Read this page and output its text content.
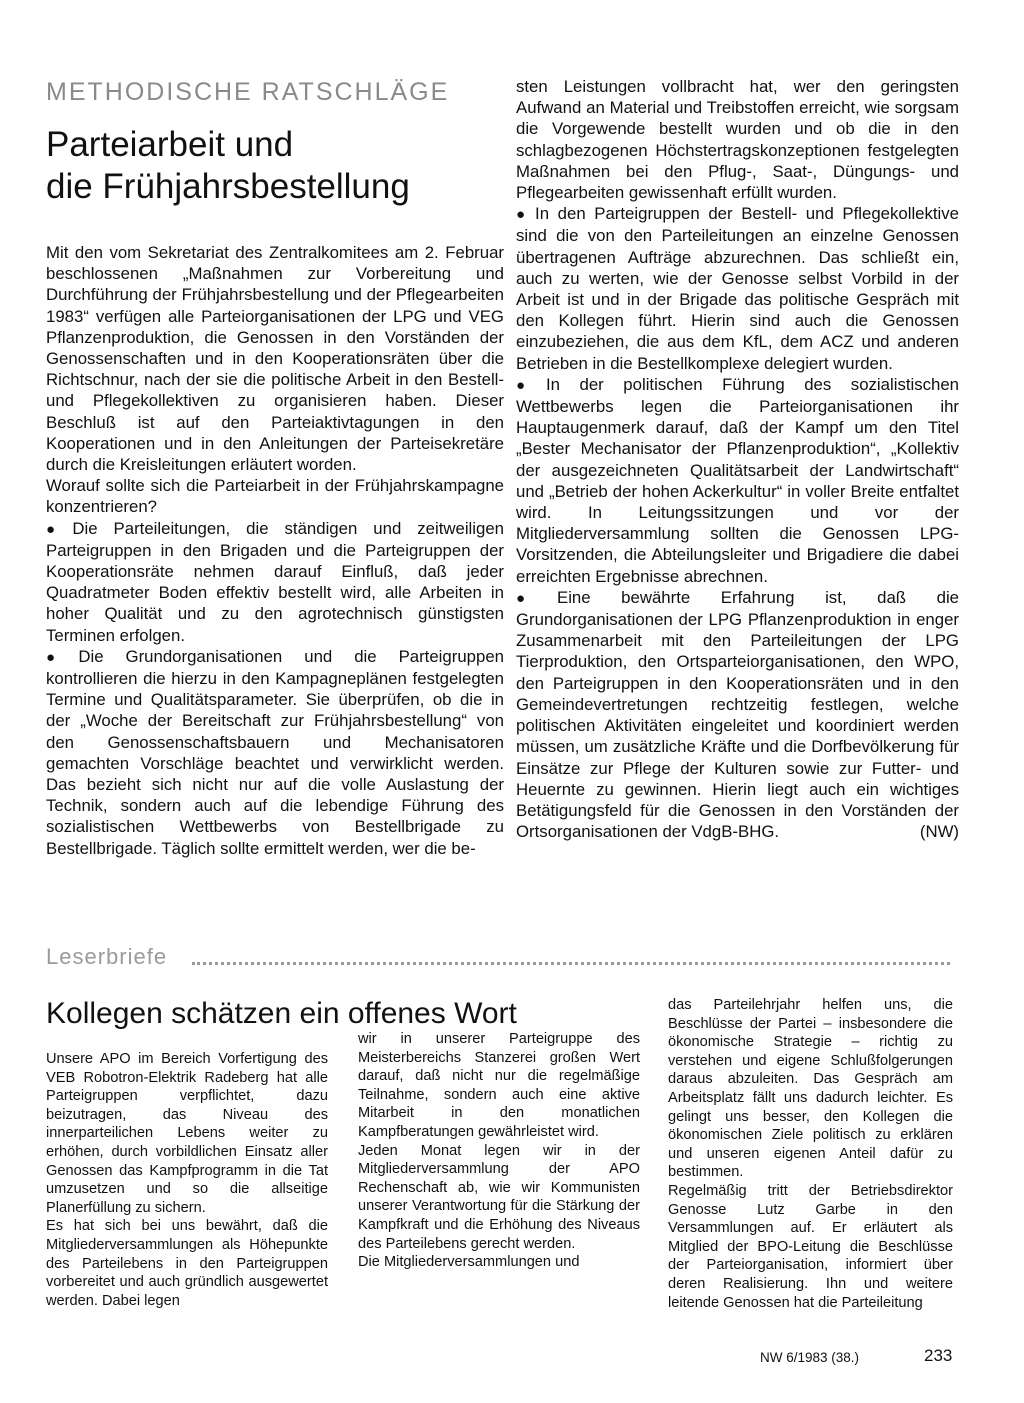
METHODISCHE RATSCHLÄGE
Parteiarbeit und
die Frühjahrsbestellung

Mit den vom Sekretariat des Zentralkomitees am 2. Februar beschlossenen „Maßnahmen zur Vorbereitung und Durchführung der Frühjahrsbestellung und der Pflegearbeiten 1983“ verfügen alle Parteiorganisationen der LPG und VEG Pflanzenproduktion, die Genossen in den Vorständen der Genossenschaften und in den Kooperationsräten über die Richtschnur, nach der sie die politische Arbeit in den Bestell- und Pflegekollektiven zu organisieren haben. Dieser Beschluß ist auf den Parteiaktivtagungen in den Kooperationen und in den Anleitungen der Parteisekretäre durch die Kreisleitungen erläutert worden.

Worauf sollte sich die Parteiarbeit in der Frühjahrskampagne konzentrieren?

● Die Parteileitungen, die ständigen und zeitweiligen Parteigruppen in den Brigaden und die Parteigruppen der Kooperationsräte nehmen darauf Einfluß, daß jeder Quadratmeter Boden effektiv bestellt wird, alle Arbeiten in hoher Qualität und zu den agrotechnisch günstigsten Terminen erfolgen.

● Die Grundorganisationen und die Parteigruppen kontrollieren die hierzu in den Kampagneplänen festgelegten Termine und Qualitätsparameter. Sie überprüfen, ob die in der „Woche der Bereitschaft zur Frühjahrsbestellung“ von den Genossenschaftsbauern und Mechanisatoren gemachten Vorschläge beachtet und verwirklicht werden. Das bezieht sich nicht nur auf die volle Auslastung der Technik, sondern auch auf die lebendige Führung des sozialistischen Wettbewerbs von Bestellbrigade zu Bestellbrigade. Täglich sollte ermittelt werden, wer die be-

sten Leistungen vollbracht hat, wer den geringsten Aufwand an Material und Treibstoffen erreicht, wie sorgsam die Vorgewende bestellt wurden und ob die in den schlagbezogenen Höchstertragskonzeptionen festgelegten Maßnahmen bei den Pflug-, Saat-, Düngungs- und Pflegearbeiten gewissenhaft erfüllt wurden.

● In den Parteigruppen der Bestell- und Pflegekollektive sind die von den Parteileitungen an einzelne Genossen übertragenen Aufträge abzurechnen. Das schließt ein, auch zu werten, wie der Genosse selbst Vorbild in der Arbeit ist und in der Brigade das politische Gespräch mit den Kollegen führt. Hierin sind auch die Genossen einzubeziehen, die aus dem KfL, dem ACZ und anderen Betrieben in die Bestellkomplexe delegiert wurden.

● In der politischen Führung des sozialistischen Wettbewerbs legen die Parteiorganisationen ihr Hauptaugenmerk darauf, daß der Kampf um den Titel „Bester Mechanisator der Pflanzenproduktion“, „Kollektiv der ausgezeichneten Qualitätsarbeit der Landwirtschaft“ und „Betrieb der hohen Ackerkultur“ in voller Breite entfaltet wird. In Leitungssitzungen und vor der Mitgliederversammlung sollten die Genossen LPG-Vorsitzenden, die Abteilungsleiter und Brigadiere die dabei erreichten Ergebnisse abrechnen.

● Eine bewährte Erfahrung ist, daß die Grundorganisationen der LPG Pflanzenproduktion in enger Zusammenarbeit mit den Parteileitungen der LPG Tierproduktion, den Ortsparteiorganisationen, den WPO, den Parteigruppen in den Kooperationsräten und in den Gemeindevertretungen rechtzeitig festlegen, welche politischen Aktivitäten eingeleitet und koordiniert werden müssen, um zusätzliche Kräfte und die Dorfbevölkerung für Einsätze zur Pflege der Kulturen sowie zur Futter- und Heuernte zu gewinnen. Hierin liegt auch ein wichtiges Betätigungsfeld für die Genossen in den Vorständen der Ortsorganisationen der VdgB-BHG.	(NW)

Leserbriefe
Kollegen schätzen ein offenes Wort

Unsere APO im Bereich Vorfertigung des VEB Robotron-Elektrik Radeberg hat alle Parteigruppen verpflichtet, dazu beizutragen, das Niveau des innerparteilichen Lebens weiter zu erhöhen, durch vorbildlichen Einsatz aller Genossen das Kampfprogramm in die Tat umzusetzen und so die allseitige Planerfüllung zu sichern.

Es hat sich bei uns bewährt, daß die Mitgliederversammlungen als Höhepunkte des Parteilebens in den Parteigruppen vorbereitet und auch gründlich ausgewertet werden. Dabei legen

wir in unserer Parteigruppe des Meisterbereichs Stanzerei großen Wert darauf, daß nicht nur die regelmäßige Teilnahme, sondern auch eine aktive Mitarbeit in den monatlichen Kampfberatungen gewährleistet wird.

Jeden Monat legen wir in der Mitgliederversammlung der APO Rechenschaft ab, wie wir Kommunisten unserer Verantwortung für die Stärkung der Kampfkraft und die Erhöhung des Niveaus des Parteilebens gerecht werden.

Die Mitgliederversammlungen und

das Parteilehrjahr helfen uns, die Beschlüsse der Partei – insbesondere die ökonomische Strategie – richtig zu verstehen und eigene Schlußfolgerungen daraus abzuleiten. Das Gespräch am Arbeitsplatz fällt uns dadurch leichter. Es gelingt uns besser, den Kollegen die ökonomischen Ziele politisch zu erklären und unseren eigenen Anteil dafür zu bestimmen.

Regelmäßig tritt der Betriebsdirektor Genosse Lutz Garbe in den Versammlungen auf. Er erläutert als Mitglied der BPO-Leitung die Beschlüsse der Parteiorganisation, informiert über deren Realisierung. Ihn und weitere leitende Genossen hat die Parteileitung

NW 6/1983 (38.)	233
